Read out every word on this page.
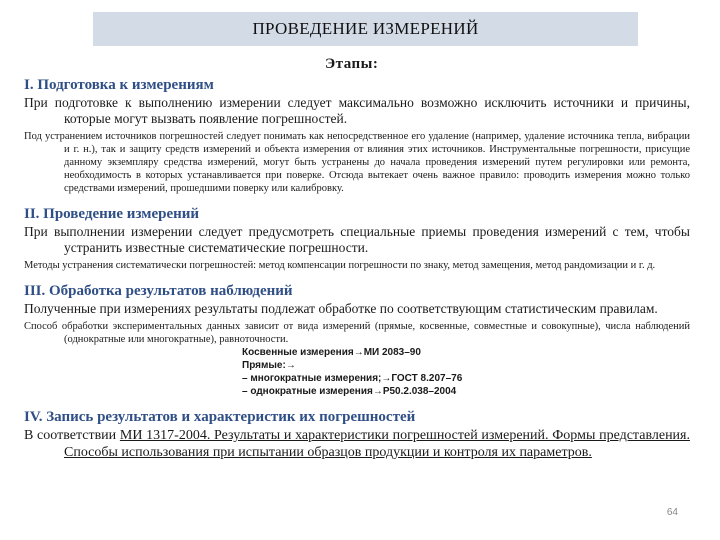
ПРОВЕДЕНИЕ ИЗМЕРЕНИЙ
Этапы:

I. Подготовка к измерениям

При подготовке к выполнению измерении следует максимально возможно исключить источники и причины, которые могут вызвать появление погрешностей.

Под устранением источников погрешностей следует понимать как непосредственное его удаление (например, удаление источника тепла, вибрации и г. н.), так и защиту средств измерений и объекта измерения от влияния этих источников. Инструментальные погрешности, присущие данному экземпляру средства измерений, могут быть устранены до начала проведения измерений путем регулировки или ремонта, необходимость в которых устанавливается при поверке. Отсюда вытекает очень важное правило: проводить измерения можно только средствами измерений, прошедшими поверку или калибровку.

II. Проведение измерений

При выполнении измерении следует предусмотреть специальные приемы проведения измерений с тем, чтобы устранить известные систематические погрешности.

Методы устранения систематически погрешностей: метод компенсации погрешности по знаку, метод замещения, метод рандомизации и г. д.

III. Обработка результатов наблюдений

Полученные при измерениях результаты подлежат обработке по соответствующим статистическим правилам.

Способ обработки экспериментальных данных зависит от вида измерений (прямые, косвенные, совместные и совокупные), числа наблюдений (однократные или многократные), равноточности.

Косвенные измерения→МИ 2083–90
Прямые:→
– многократные измерения;→ГОСТ 8.207–76
– однократные измерения→Р50.2.038–2004

IV. Запись результатов и характеристик их погрешностей

В соответствии МИ 1317-2004. Результаты и характеристики погрешностей измерений. Формы представления. Способы использования при испытании образцов продукции и контроля их параметров.

64
